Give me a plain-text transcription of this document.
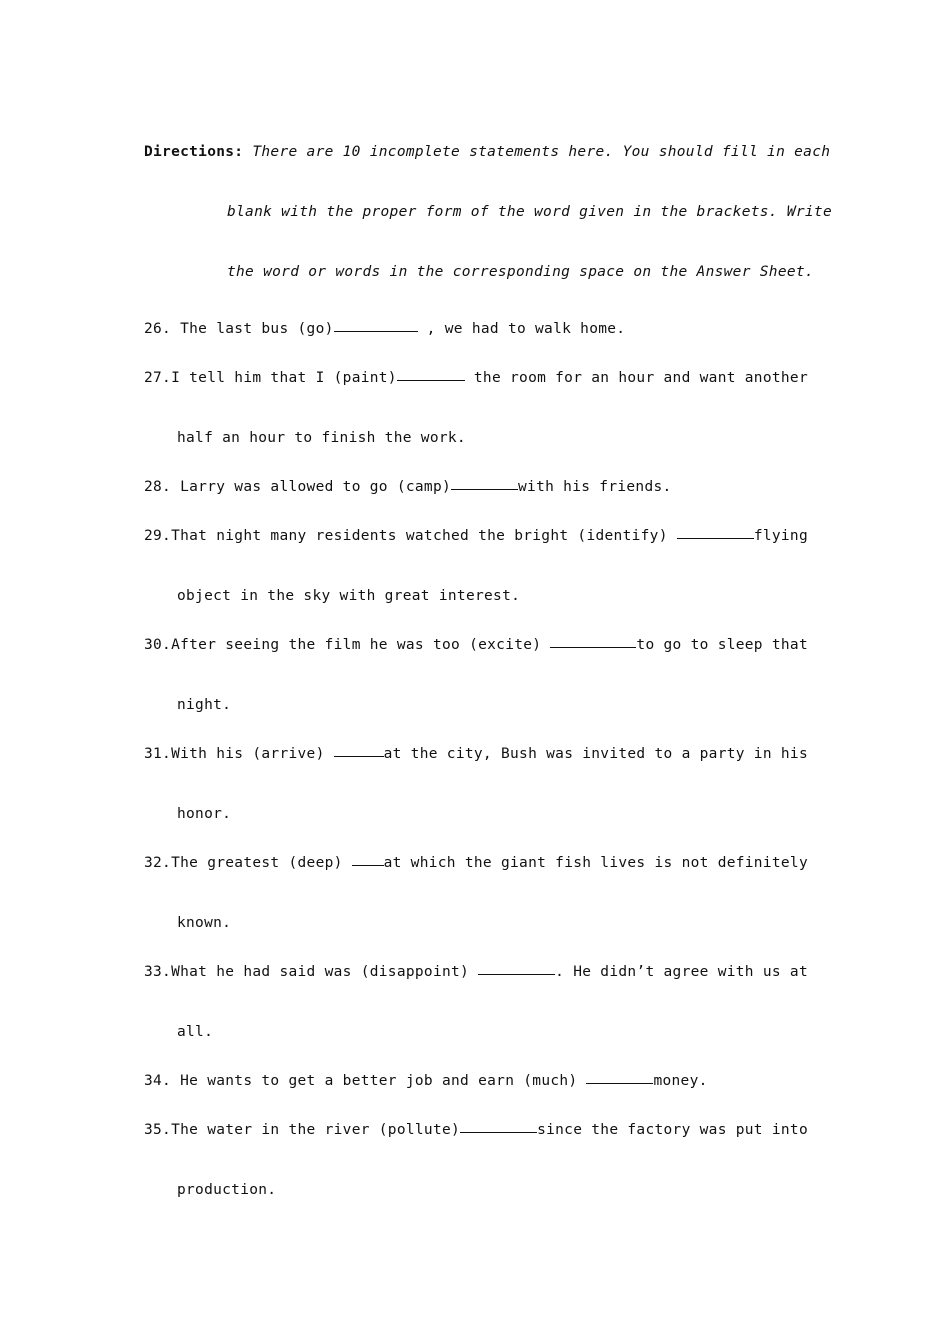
Directions: There are 10 incomplete statements here. You should fill in each
blank with the proper form of the word given in the brackets. Write
the word or words in the corresponding space on the Answer Sheet.
26.
The last bus (go)	, we had to walk home.
27. I tell him that I (paint)	the room for an hour and want another
half an hour to finish the work.
28.
Larry was allowed to go (camp)	with his friends.
29. That night many residents watched the bright (identify)	flying
object in the sky with great interest.
30. After seeing the film he was too (excite)	to go to sleep that
night.
31. With his (arrive)	at the city, Bush was invited to a party in his
honor.
32. The greatest (deep) at which the giant fish lives is not definitely
known.
33. What he had said was (disappoint)	. He didn’t agree with us at
all.
34.
He wants to get a better job and earn (much)	money.
35. The water in the river (pollute)	since the factory was put into
production.
